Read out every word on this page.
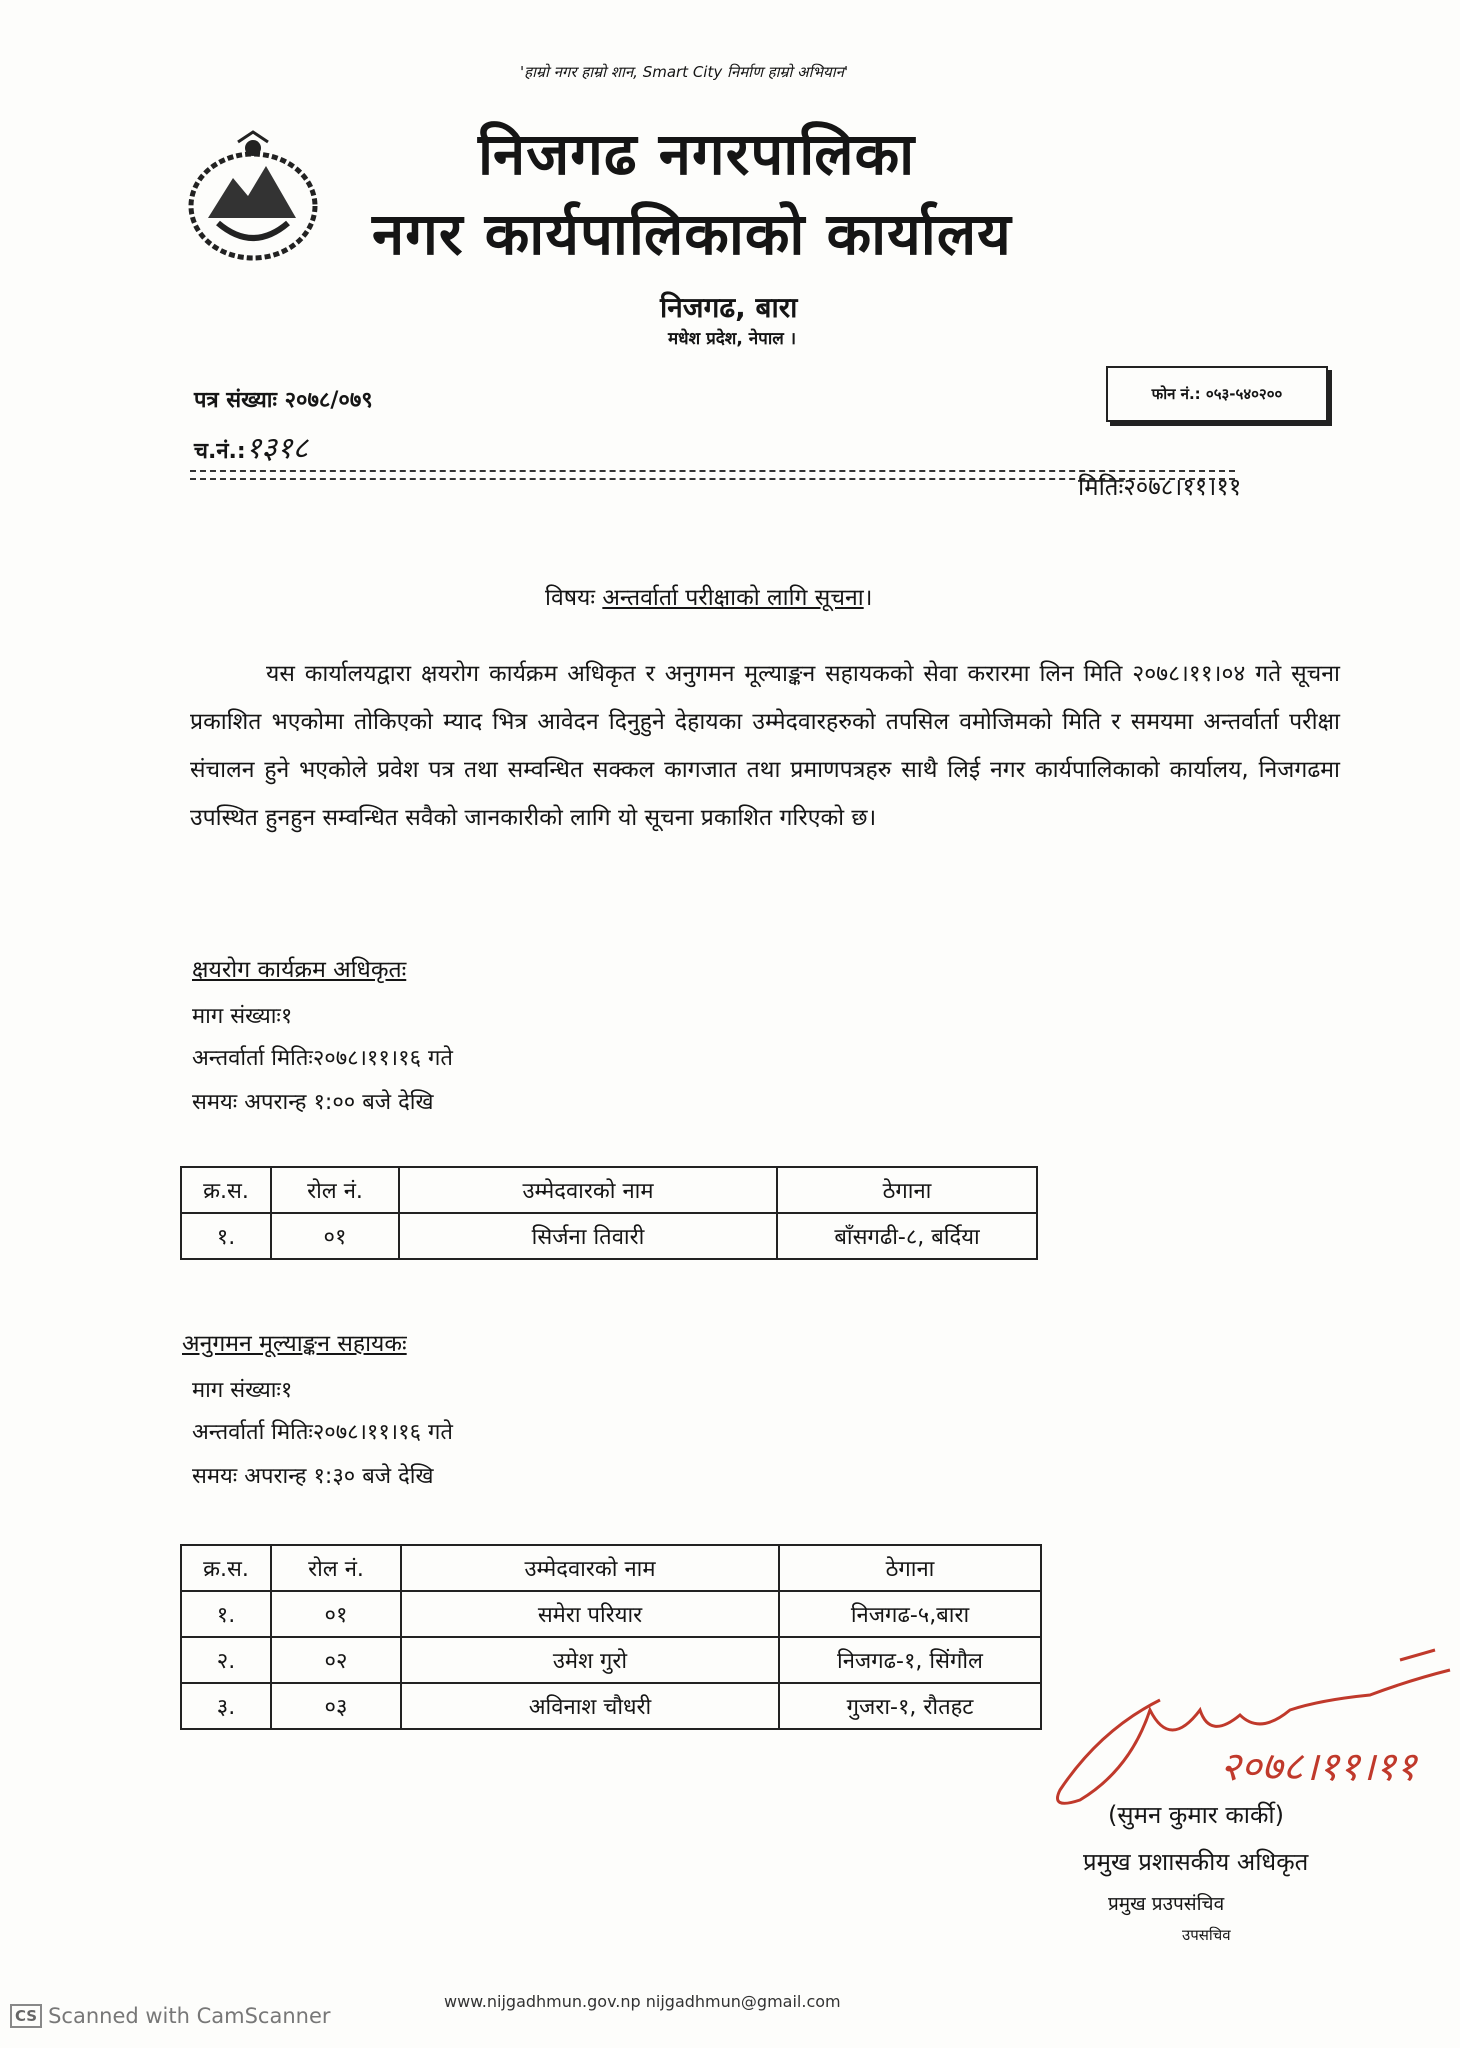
'हाम्रो नगर हाम्रो शान, Smart City निर्माण हाम्रो अभियान'
निजगढ नगरपालिका
नगर कार्यपालिकाको कार्यालय
निजगढ, बारा
मधेश प्रदेश, नेपाल ।
फोन नं.: ०५३-५४०२००
पत्र संख्याः २०७८/०७९
च.नं.:१३१८
मितिः२०७८।११।११
विषयः अन्तर्वार्ता परीक्षाको लागि सूचना।
यस कार्यालयद्वारा क्षयरोग कार्यक्रम अधिकृत र अनुगमन मूल्याङ्कन सहायकको सेवा करारमा लिन मिति २०७८।११।०४ गते सूचना प्रकाशित भएकोमा तोकिएको म्याद भित्र आवेदन दिनुहुने देहायका उम्मेदवारहरुको तपसिल वमोजिमको मिति र समयमा अन्तर्वार्ता परीक्षा संचालन हुने भएकोले प्रवेश पत्र तथा सम्वन्धित सक्कल कागजात तथा प्रमाणपत्रहरु साथै लिई नगर कार्यपालिकाको कार्यालय, निजगढमा उपस्थित हुनहुन सम्वन्धित सवैको जानकारीको लागि यो सूचना प्रकाशित गरिएको छ।
क्षयरोग कार्यक्रम अधिकृतः
माग संख्याः१
अन्तर्वार्ता मितिः२०७८।११।१६ गते
समयः अपरान्ह १:०० बजे देखि
क्र.स.	रोल नं.	उम्मेदवारको नाम	ठेगाना
१.	०१	सिर्जना तिवारी	बाँसगढी-८, बर्दिया
अनुगमन मूल्याङ्कन सहायकः
माग संख्याः१
अन्तर्वार्ता मितिः२०७८।११।१६ गते
समयः अपरान्ह १:३० बजे देखि
क्र.स.	रोल नं.	उम्मेदवारको नाम	ठेगाना
१.	०१	समेरा परियार	निजगढ-५,बारा
२.	०२	उमेश गुरो	निजगढ-१, सिंगौल
३.	०३	अविनाश चौधरी	गुजरा-१, रौतहट
२०७८।११।११
(सुमन कुमार कार्की)
प्रमुख प्रशासकीय अधिकृत
प्रमुख प्रउपसंचिव
उपसचिव
www.nijgadhmun.gov.np nijgadhmun@gmail.com
CS Scanned with CamScanner
